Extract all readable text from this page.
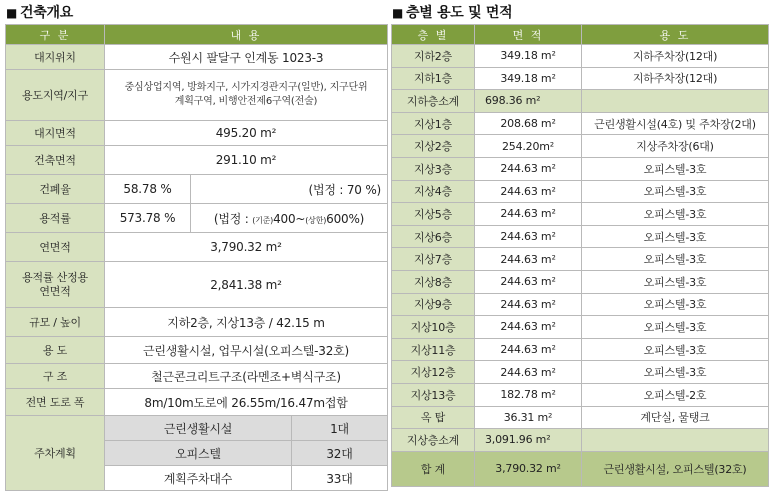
■ 건축개요
구 분	내 용		
대지위치	수원시 팔달구 인계동 1023-3		
용도지역/지구	중심상업지역, 방화지구, 시가지경관지구(일반), 지구단위계획구역, 비행안전제6구역(전술)		
대지면적	495.20 m²		
건축면적	291.10 m²		
건폐율	58.78 %	(법정 : 70 %)	
용적률	573.78 %	(법정 : (기준)400~(상한)600%)	
연면적	3,790.32 m²		
용적률 산정용 연면적	2,841.38 m²		
규모 / 높이	지하2층, 지상13층 / 42.15 m		
용 도	근린생활시설, 업무시설(오피스텔-32호)		
구 조	철근콘크리트구조(라멘조+벽식구조)		
전면 도로 폭	8m/10m도로에 26.55m/16.47m접함		
주차계획	근린생활시설		1대
	오피스텔		32대
	계획주차대수		33대
■ 층별 용도 및 면적
층 별	면 적	용 도
지하2층	349.18 m²	지하주차장(12대)
지하1층	349.18 m²	지하주차장(12대)
지하층소계	698.36 m²	
지상1층	208.68 m²	근린생활시설(4호) 및 주차장(2대)
지상2층	254.20m²	지상주차장(6대)
지상3층	244.63 m²	오피스텔-3호
지상4층	244.63 m²	오피스텔-3호
지상5층	244.63 m²	오피스텔-3호
지상6층	244.63 m²	오피스텔-3호
지상7층	244.63 m²	오피스텔-3호
지상8층	244.63 m²	오피스텔-3호
지상9층	244.63 m²	오피스텔-3호
지상10층	244.63 m²	오피스텔-3호
지상11층	244.63 m²	오피스텔-3호
지상12층	244.63 m²	오피스텔-3호
지상13층	182.78 m²	오피스텔-2호
옥 탑	36.31 m²	계단실, 물탱크
지상층소계	3,091.96 m²	
합 계	3,790.32 m²	근린생활시설, 오피스텔(32호)
